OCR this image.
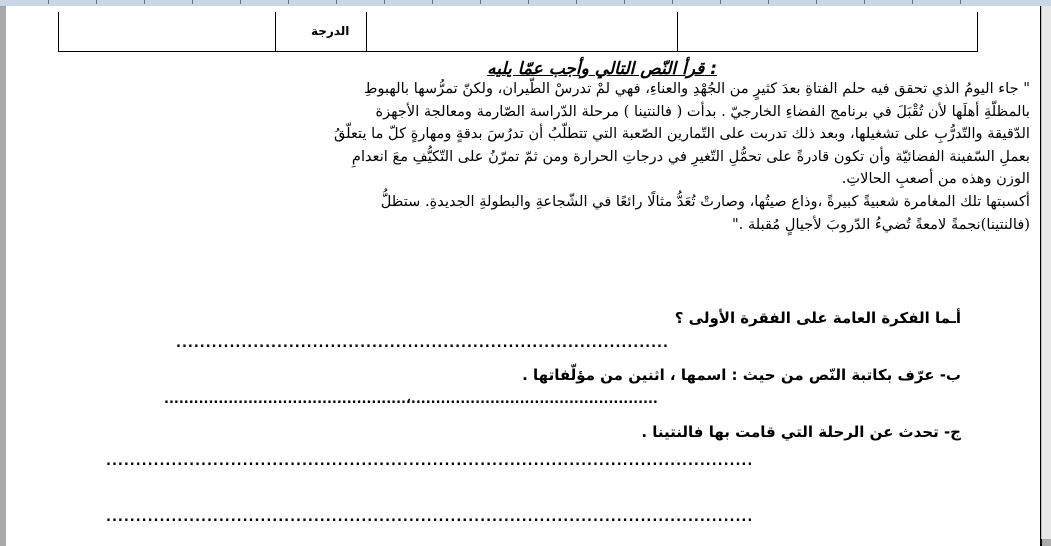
الدرجة
قرأ النّص التالي وأجب عمّا يليه :

" جاء اليومُ الذي تحقق فيه حلم الفتاةِ بعدَ كثيرٍ من الجُهْدِ والعناءِ، فهي لمْ تدرسْ الطّيران، ولكنّ تمرُّسها بالهبوطِ

بالمظلّةِ أهلَها لأن تُقْبَلَ في برنامج الفضاءِ الخارجيّ . بدأت ( فالنتينا ) مرحلة الدّراسة الصّارمة ومعالجة الأجهزة

الدّقيقة والتّدرُّبِ على تشغيلها، وبعد ذلك تدربت على التّمارين الصّعبة التي تتطلّبُ أن تدرُسَ بدقةٍ ومهارةٍ كلّ ما يتعلّقُ

بعملِ السّفينة الفضائيّة وأن تكون قادرةً على تحمُّلِ التّغيرِ في درجاتِ الحرارة ومن ثمّ تمرّنُ على التّكيُّفِ معَ انعدامِ

الوزن وهذه من أصعبِ الحالاتِ.

أكسبتها تلك المغامرة شعبيةً كبيرةً ،وذاع صيتُها، وصارتْ تُعَدُّ مثالًا رائعًا في الشّجاعةِ والبطولةِ الجديدةِ. ستظلُّ

(فالنتينا)نجمةً لامعةً تُضيءُ الدّروبَ لأجيالٍ مُقبلة ."

أـما الفكرة العامة على الفقرة الأولى ؟
...................................................................................
ب- عرّف بكاتبة النّص من حيث : اسمها ، اثنين من مؤلّفاتها .
.................................................،..................................................
ج- تحدث عن الرحلة التي قامت بها فالنتينا .
.............................................................................................................
.............................................................................................................
